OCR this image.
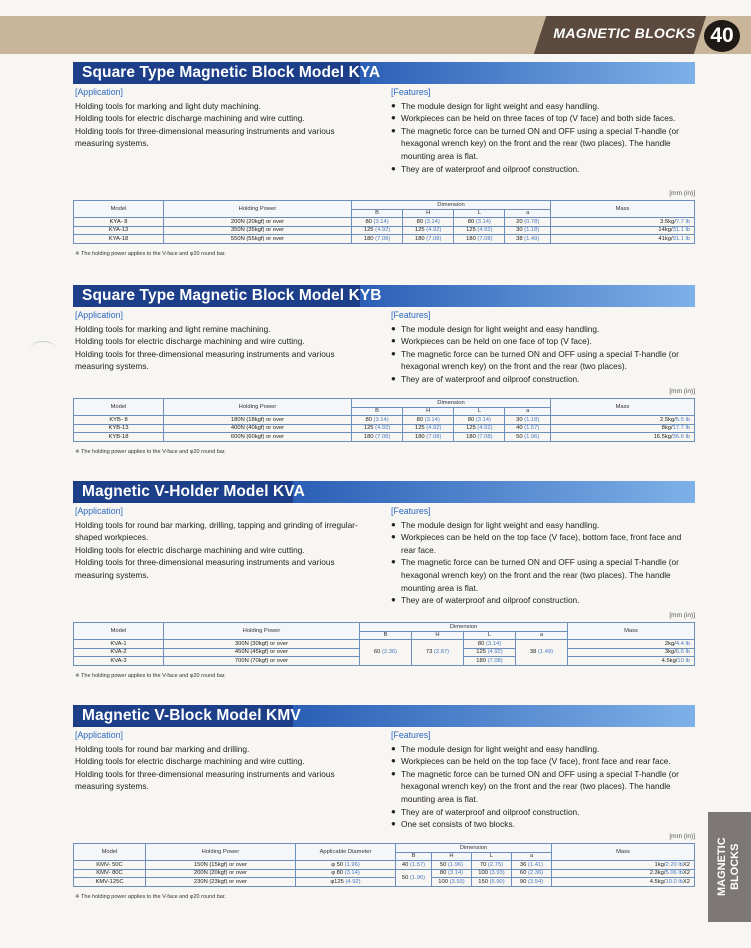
MAGNETIC BLOCKS 40
Square Type Magnetic Block Model KYA
[Application]

Holding tools for marking and light duty machining.

Holding tools for electric discharge machining and wire cutting.

Holding tools for three-dimensional measuring instruments and various measuring systems.

[Features]

● The module design for light weight and easy handling.

● Workpieces can be held on three faces of top (V face) and both side faces.

● The magnetic force can be turned ON and OFF using a special T-handle (or hexagonal wrench key) on the front and the rear (two places). The handle mounting area is flat.

● They are of waterproof and oilproof construction.

[mm (in)]
Model	Holding Power	Dimension				Mass
		B	H	L	a	
KYA- 8	200N (20kgf) or over	80 (3.14)	80 (3.14)	80 (3.14)	20 (0.78)	3.5kg/7.7 lb
KYA-13	350N (35kgf) or over	125 (4.92)	125 (4.92)	125 (4.92)	30 (1.18)	14kg/31.1 lb
KYA-18	550N (55kgf) or over	180 (7.08)	180 (7.08)	180 (7.08)	38 (1.49)	41kg/91.1 lb
※ The holding power applies to the V-face and φ20 round bar.
Square Type Magnetic Block Model KYB
[Application]

Holding tools for marking and light remine machining.

Holding tools for electric discharge machining and wire cutting.

Holding tools for three-dimensional measuring instruments and various measuring systems.

[Features]

● The module design for light weight and easy handling.

● Workpieces can be held on one face of top (V face).

● The magnetic force can be turned ON and OFF using a special T-handle (or hexagonal wrench key) on the front and the rear (two places).

● They are of waterproof and oilproof construction.

[mm (in)]
Model	Holding Power	Dimension				Mass
		B	H	L	a	
KYB- 8	180N (18kgf) or over	80 (3.14)	80 (3.14)	80 (3.14)	30 (1.18)	2.5kg/5.5 lb
KYB-13	400N (40kgf) or over	125 (4.92)	125 (4.92)	125 (4.92)	40 (1.57)	8kg/17.7 lb
KYB-18	600N (60kgf) or over	180 (7.08)	180 (7.08)	180 (7.08)	50 (1.96)	16.5kg/36.6 lb
※ The holding power applies to the V-face and φ20 round bar.
Magnetic V-Holder Model KVA
[Application]

Holding tools for round bar marking, drilling, tapping and grinding of irregular-shaped workpieces.

Holding tools for electric discharge machining and wire cutting.

Holding tools for three-dimensional measuring instruments and various measuring systems.

[Features]

● The module design for light weight and easy handling.

● Workpieces can be held on the top face (V face), bottom face, front face and rear face.

● The magnetic force can be turned ON and OFF using a special T-handle (or hexagonal wrench key) on the front and the rear (two places). The handle mounting area is flat.

● They are of waterproof and oilproof construction.

[mm (in)]
Model	Holding Power	Dimension				Mass
		B	H	L	a	
KVA-1	300N (30kgf) or over	60 (2.36)	73 (2.87)	80 (3.14)	38 (1.49)	2kg/4.4 lb
KVA-2	450N (45kgf) or over			125 (4.92)		3kg/6.6 lb
KVA-3	700N (70kgf) or over			180 (7.08)		4.5kg/10 lb
※ The holding power applies to the V-face and φ20 round bar.
Magnetic V-Block Model KMV
[Application]

Holding tools for round bar marking and drilling.

Holding tools for electric discharge machining and wire cutting.

Holding tools for three-dimensional measuring instruments and various measuring systems.

[Features]

● The module design for light weight and easy handling.

● Workpieces can be held on the top face (V face), front face and rear face.

● The magnetic force can be turned ON and OFF using a special T-handle (or hexagonal wrench key) on the front and the rear (two places). The handle mounting area is flat.

● They are of waterproof and oilproof construction.

● One set consists of two blocks.

[mm (in)]
Model	Holding Power	Applicable Diameter	Dimension				Mass
			B	H	L	a	
KMV- 50C	150N (15kgf) or over	φ 50 (1.96)	40 (1.57)	50 (1.96)	70 (2.75)	36 (1.41)	1kg/2.20 lbX2
KMV- 80C	200N (20kgf) or over	φ 80 (3.14)	50 (1.96)	80 (3.14)	100 (3.93)	60 (2.36)	2.3kg/5.06 lbX2
KMV-125C	230N (23kgf) or over	φ125 (4.92)		100 (3.93)	150 (5.90)	90 (3.54)	4.5kg/10.0 lbX2
※ The holding power applies to the V-face and φ20 round bar.
MAGNETIC BLOCKS
